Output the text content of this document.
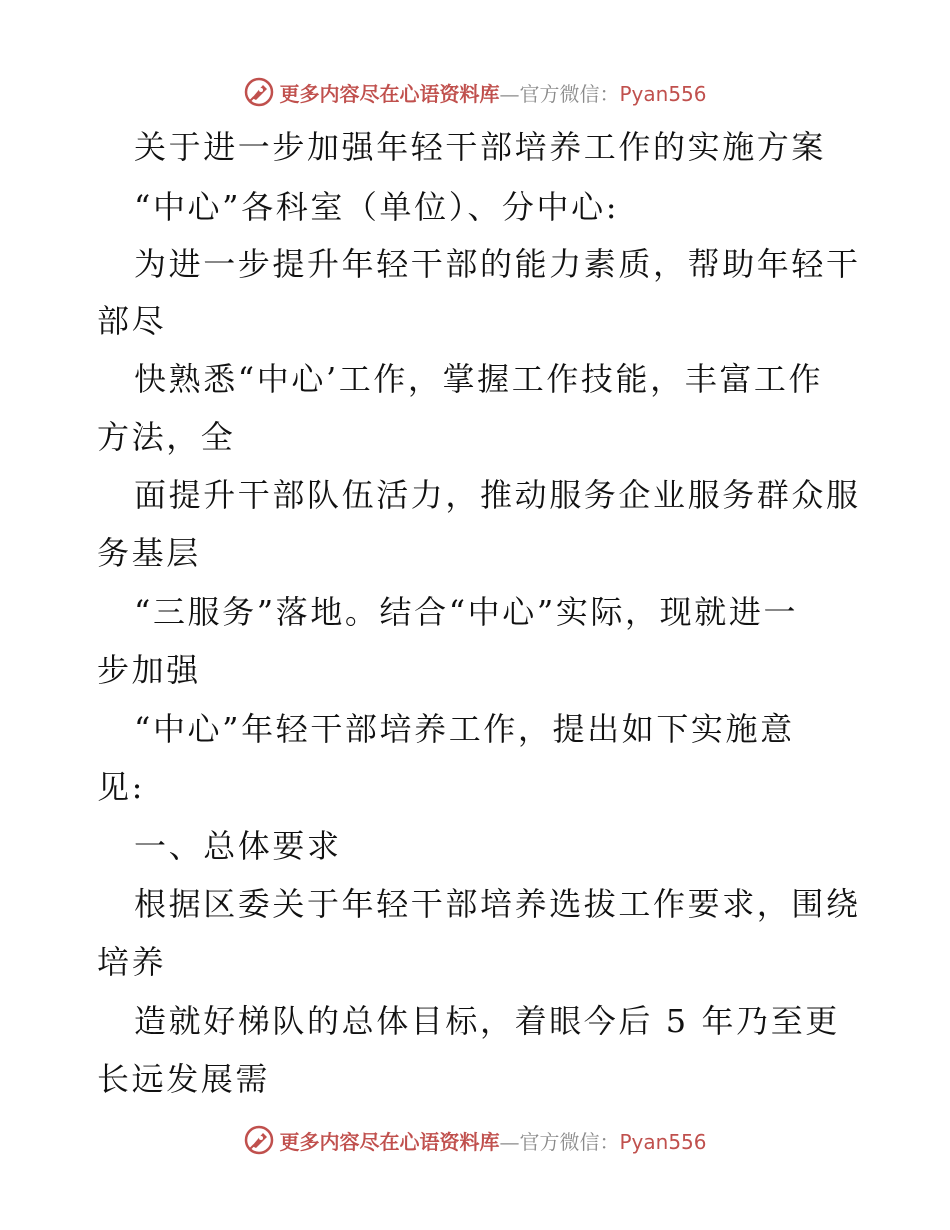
更多内容尽在心语资料库—官方微信：Pyan556
关于进一步加强年轻干部培养工作的实施方案
“中心”各科室（单位）、分中心:
为进一步提升年轻干部的能力素质，帮助年轻干
部尽
快熟悉“中心’工作，掌握工作技能，丰富工作
方法，全
面提升干部队伍活力，推动服务企业服务群众服
务基层
“三服务”落地。结合“中心”实际，现就进一
步加强
“中心”年轻干部培养工作，提出如下实施意
见:
一、总体要求
根据区委关于年轻干部培养选拔工作要求，围绕
培养
造就好梯队的总体目标，着眼今后 5 年乃至更
长远发展需
更多内容尽在心语资料库—官方微信：Pyan556
